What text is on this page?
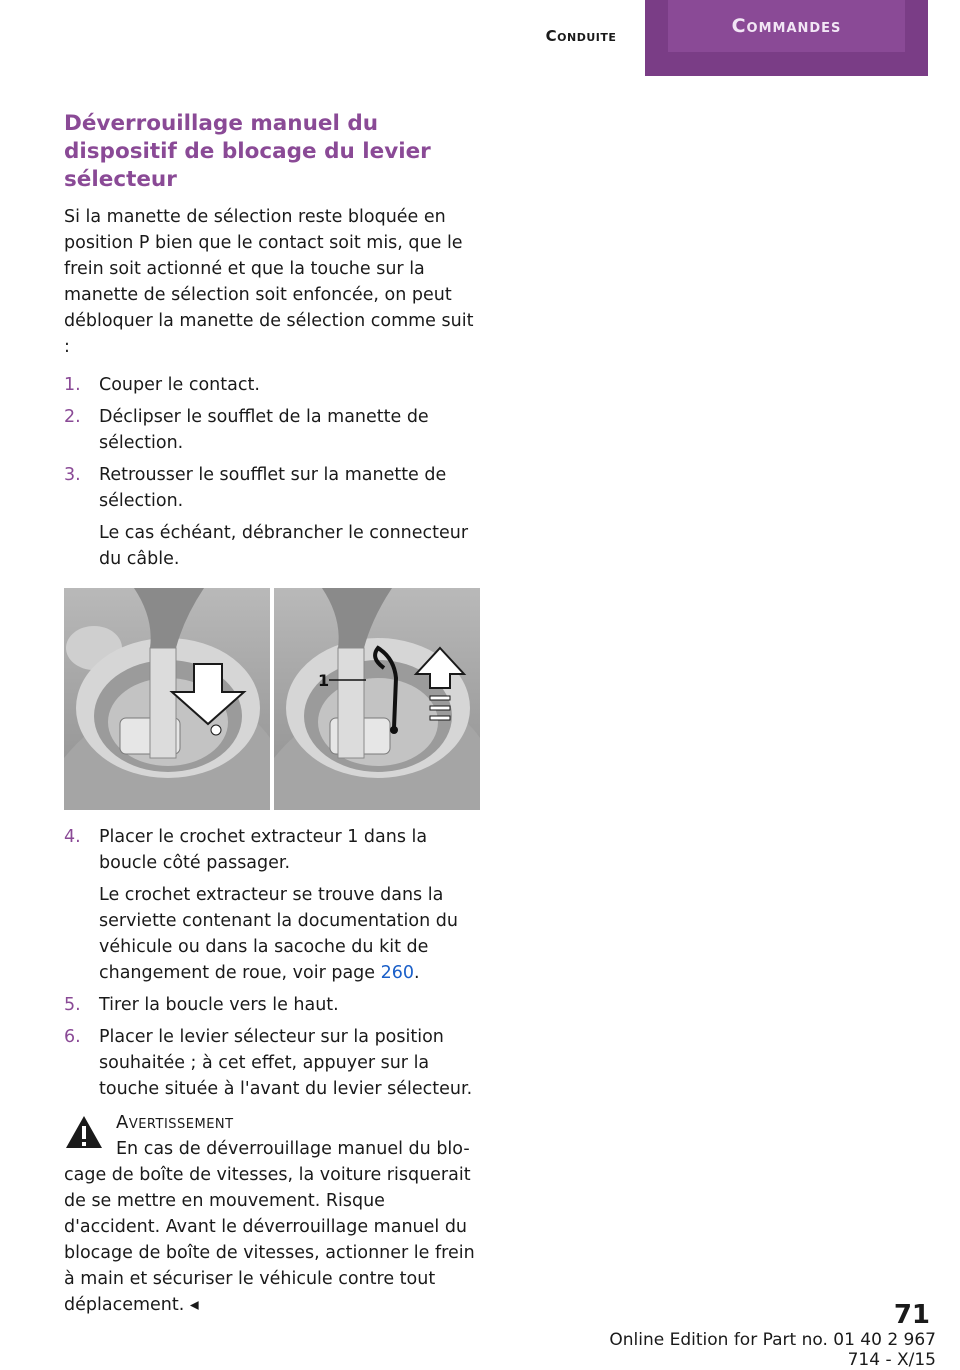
Conduite	Commandes
Déverrouillage manuel du dispositif de blocage du levier sélecteur

Si la manette de sélection reste bloquée en position P bien que le contact soit mis, que le frein soit actionné et que la touche sur la manette de sélection soit enfoncée, on peut débloquer la manette de sélection comme suit :

1. Couper le contact.
2. Déclipser le soufflet de la manette de sélection.
3. Retrousser le soufflet sur la manette de sélection.
Le cas échéant, débrancher le connecteur du câble.
1
4. Placer le crochet extracteur 1 dans la boucle côté passager.
Le crochet extracteur se trouve dans la serviette contenant la documentation du véhicule ou dans la sacoche du kit de changement de roue, voir page 260.
5. Tirer la boucle vers le haut.
6. Placer le levier sélecteur sur la position souhaitée ; à cet effet, appuyer sur la touche située à l'avant du levier sélecteur.
Avertissement
En cas de déverrouillage manuel du blo-
cage de boîte de vitesses, la voiture risquerait de se mettre en mouvement. Risque d'accident. Avant le déverrouillage manuel du blocage de boîte de vitesses, actionner le frein à main et sécuriser le véhicule contre tout déplacement. ◂	71
Online Edition for Part no. 01 40 2 967 714 - X/15
